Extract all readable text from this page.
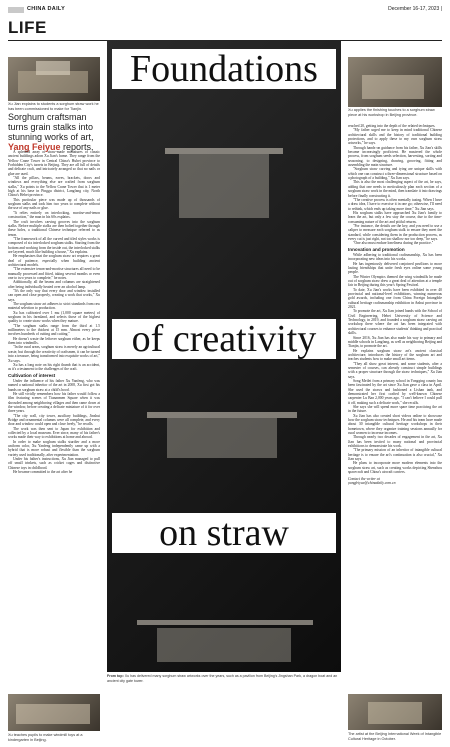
CHINA DAILY	December 16-17, 2023 |
LIFE
Xu Jian explains to students a sorghum straw work he has been commissioned to make for Tianjin.
Sorghum craftsman turns grain stalks into stunning works of art, Yang Feiyue reports.
Foundations
of creativity
on straw
From top: Xu has delivered many sorghum straw artworks over the years, such as a pavilion from Beijing's Jingshan Park, a dragon boat and an ancient city gate tower.
Xu applies the finishing touches to a sorghum straw piece at his workshop in Beijing province.

A splendid array of straw-made miniatures of classic ancient buildings adorn Xu Jian's home. They range from the Yellow Crane Tower in Central China's Hubei province to Forbidden City's turrets in Beijing. They are all full of details and delicate craft, and intricately arranged so that no nails or glue are used.

"All the pillars, beams, eaves, brackets, doors and windows and everything else are crafted from sorghum stalks," Xu points to the Yellow Crane Tower that is 1 meter high at his base in Pinggu district, Langfang city, North China's Hebei province.

This particular piece was made up of thousands of sorghum stalks and took him two years to complete without the use of any nails or glue.

"It relies entirely on interlocking, mortise-and-tenon construction," the man in his 60s explains.

The craft involves carving grooves into the sorghum stalks. Before multiple stalks are then bolted together through these holes, a traditional Chinese technique referred to as tenon.

"The framework of all the curved and tiled styles works is composed of six interlocked sorghum stalks. Starting from the bottom and working from the inside out, the interlocked stalks are layered, much like building a house," Xu explains.

He emphasizes that the sorghum straw art requires a great deal of patience, especially when building ancient architectural models.

"The extensive tenon-and-mortise structures all need to be manually processed and fitted, taking several months or even one to two years to complete," he notes.

Additionally, all the beams and columns are straightened after being individually heated over an alcohol lamp.

"It's the only way that every door and window installed can open and close properly, creating a work that works," Xu says.

The sorghum straw art adheres to strict standards from raw material selection to production.

Xu has cultivated over 1 mu (1,000 square meters) of sorghum in his farmland, and selects those of the highest quality to create straw works when they mature.

"The sorghum stalks range from the third at 1.5 millimeters to the thickest at 15 mm. Almost every piece involves hundreds of cutting and cutting."

He doesn't waste the leftover sorghum either, as he keeps them into windmills.

"In the rural areas, sorghum straw is merely an agricultural waste, but through the creativity of craftsmen, it can be turned into a treasure, being transformed into exquisite works of art," Xu says.

Xu has a long note on his right thumb that is an accident, as it's a testament to the challenges of the craft.

Cultivation of interest

Under the influence of his father Xu Yanfeng, who was named a national inheritor of the art in 2008, Xu first got his hands on sorghum straw at a child's hood.

He still vividly remembers how his father would follow a film featuring scenes of Tiananmen Square when it was shrouded among neighboring villages and then came down at the window, before creating a delicate miniature of it for over three years.

"The city wall, city tower, auxiliary buildings, Jinshui Bridge and ornamental columns were all complete, and every door and window could open and close freely," he recalls.

The work was then sent to Japan for exhibition and collected by a local museum. Ever since, many of his father's works made their way to exhibitions at home and abroad.

In order to make sorghum stalks sturdier and a more uniform color, Xu Yanfeng independently came up with a hybrid that is more robust and flexible than the sorghum variety used traditionally, after experimentation.

Under his father's instructions, Xu Jian managed to pull off small trinkets, such as cricket cages and distinctive Chinese toys in childhood.

He became committed to the art after he

Xu teaches pupils to make windmill toys at a kindergarten in Beijing.

reached 20, getting into the depth of the related techniques.

"My father urged me to keep in mind traditional Chinese architectural skills and the history of traditional building protections, and to apply these to my own sorghum straw artworks," he says.

Through hands-on guidance from his father, Xu Jian's skills became increasingly proficient. He mastered the whole process, from sorghum seeds selection, harvesting, sorting and seasoning, to designing, drawing, grooving, fitting and assembling the main structure.

"Sorghum straw carving and tying are unique skills with which one can construct a three-dimensional structure based on a photograph of a building," Xu Jian says.

This is also the most challenging aspect of the art, he says, adding that one needs to meticulously plan each section of a sorghum straw work in the mind, then translate it into drawings before finally constructing it.

"The creative process is often mentally taxing. When I have a draw idea, I have to exercise it in one go; otherwise, I'll need to rethink, which ends up taking more time," Xu Jian says.

His sorghum stalks have approached Xu Jian's family to learn the art, but only a few stay the course, due to the time-consuming nature of the art and pitiful returns.

"For instance, the details are the key, and you need to use a caliper to measure each sorghum stalk to ensure they meet the standard, while considering them in the production process, as every cut is just right, not too shallow nor too deep," he says.

"One also must endure loneliness during the practice."

Innovation and promotion

While adhering to traditional craftsmanship, Xu has been incorporating new ideas into his works.

He has ingeniously delivered conjoined pavilions to more lasting friendships that unite fresh eyes online some young people.

The Winter Olympics themed the wing windmills he made out of sorghum straw drew a great deal of attention at a temple fair in Beijing during this year's Spring Festival.

To date, Xu Jian's works have been exhibited in over 40 provincial and national-level exhibitions, winning numerous gold awards, including one from China Foreign Intangible cultural heritage craftsmanship exhibition in Anhui province in 2021.

To promote the art, Xu Jian joined hands with the School of Civil Engineering, Hebei University of Science and Technology, in 2019, and founded a sorghum straw carving art workshop there where the art has been integrated with architectural courses to enhance students' thinking and practical skills.

Since 2016, Xu Jian has also made his way to primary and middle schools in Langfang, as well as neighboring Beijing and Tianjin, to promote the art.

He explains sorghum straw art's ancient classical architecture, introduces the history of the sorghum art and teaches students how to make small art items.

"They all show great interest, and some students, after a semester of courses, can already construct simple buildings with a proper structure through the straw techniques," Xu Jian says.

Song Meilei from a primary school in Yongqing county has been fascinated by the art since Xu Jian gave a class in April. She used the straws and fashioned a Lishan tank, and demonstrated her first crafted by well-known Chinese carpenter Lu Ban 2,000 years ago. "I can't believe I could pull it off, making such a delicate work," she recalls.

She says she will spend more spare time practicing the art in the future.

Xu Jian has also created short videos online to showcase how the sorghum straw techniques. He and his team have made about 30 intangible cultural heritage workshops in their hometown, where they organize training sessions annually for rural women to increase incomes.

Through nearly two decades of engagement in the art, Xu Jian has been invited to many national and provincial exhibitions to demonstrate his work.

"The primary mission of an inheritor of intangible cultural heritage is to ensure the art's continuation is also crucial," Xu Jian says.

He plans to incorporate more modern elements into the sorghum straw art, such as creating works depicting Shenzhou spacecraft and China's aircraft carriers.

Contact the writer at
yangfeiyue@chinadaily.com.cn
The artist at the Beijing International Week of Intangible Cultural Heritage in October.
